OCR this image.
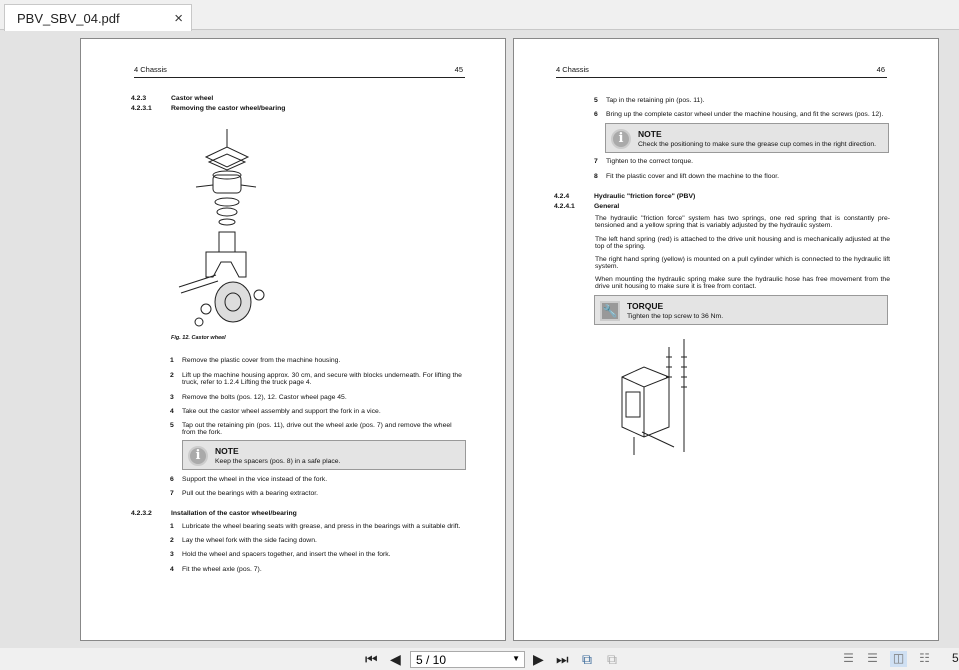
PBV_SBV_04.pdf	×
4 Chassis	45
4.2.3	Castor wheel
4.2.3.1	Removing the castor wheel/bearing
Fig. 12. Castor wheel
1 Remove the plastic cover from the machine housing.
2 Lift up the machine housing approx. 30 cm, and secure with blocks underneath. For lifting the truck, refer to 1.2.4 Lifting the truck page 4.
3 Remove the bolts (pos. 12), 12. Castor wheel page 45.
4 Take out the castor wheel assembly and support the fork in a vice.
5 Tap out the retaining pin (pos. 11), drive out the wheel axle (pos. 7) and remove the wheel from the fork.
i	NOTE
Keep the spacers (pos. 8) in a safe place.
6 Support the wheel in the vice instead of the fork.
7 Pull out the bearings with a bearing extractor.
4.2.3.2	Installation of the castor wheel/bearing
1 Lubricate the wheel bearing seats with grease, and press in the bearings with a suitable drift.
2 Lay the wheel fork with the side facing down.
3 Hold the wheel and spacers together, and insert the wheel in the fork.
4 Fit the wheel axle (pos. 7).
4 Chassis	46
5 Tap in the retaining pin (pos. 11).
6 Bring up the complete castor wheel under the machine housing, and fit the screws (pos. 12).
i	NOTE
Check the positioning to make sure the grease cup comes in the right direction.
7 Tighten to the correct torque.
8 Fit the plastic cover and lift down the machine to the floor.
4.2.4	Hydraulic "friction force" (PBV)
4.2.4.1	General
The hydraulic "friction force" system has two springs, one red spring that is constantly pre-tensioned and a yellow spring that is variably adjusted by the hydraulic system.
The left hand spring (red) is attached to the drive unit housing and is mechanically adjusted at the top of the spring.
The right hand spring (yellow) is mounted on a pull cylinder which is connected to the hydraulic lift system.
When mounting the hydraulic spring make sure the hydraulic hose has free movement from the drive unit housing to make sure it is free from contact.
🔧 TORQUE
Tighten the top screw to 36 Nm.
⏮ ◀	5 / 10	▼ ▶ ⏭ ⧉ ⧉	☰ ☰ ◫ ☷ 5
